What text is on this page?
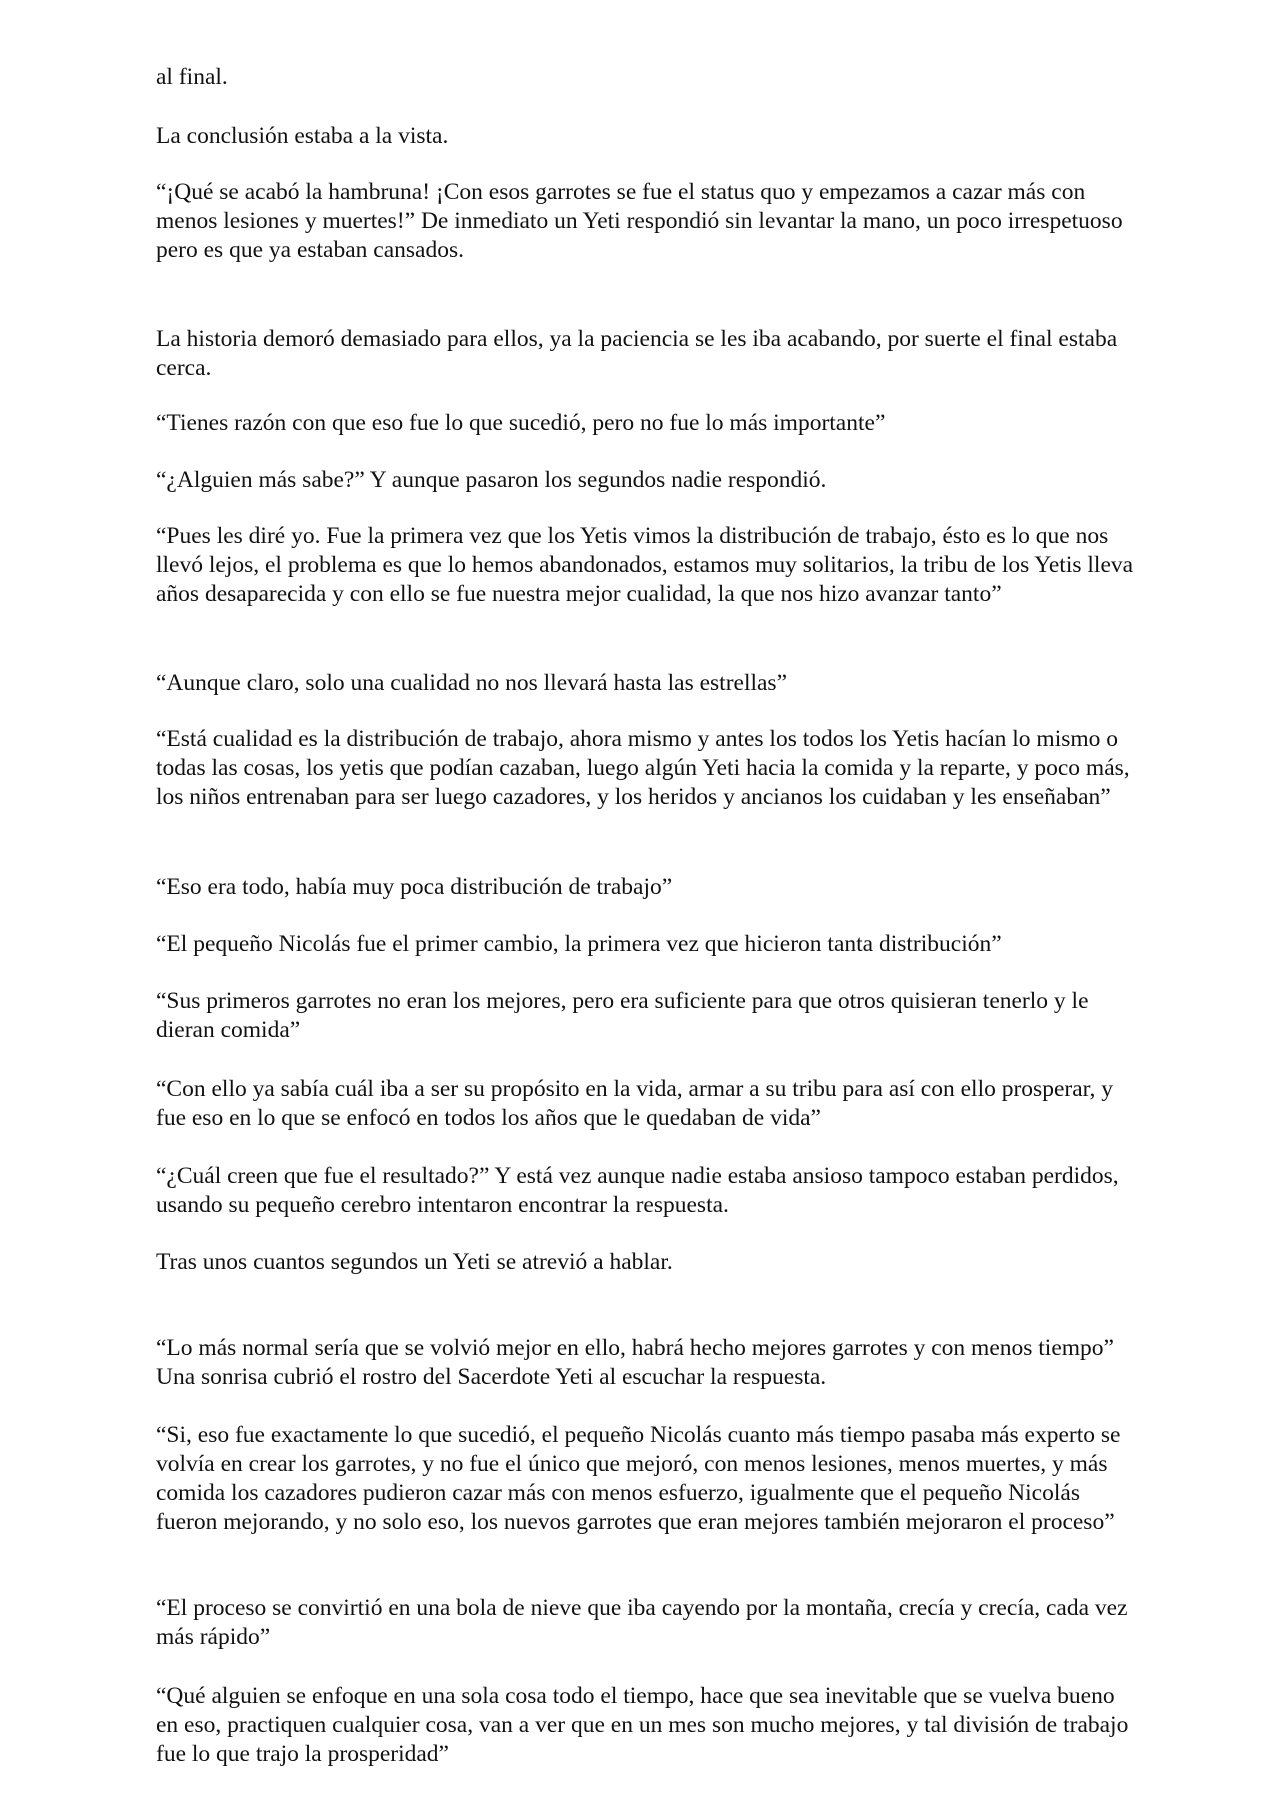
al final.

La conclusión estaba a la vista.

“¡Qué se acabó la hambruna! ¡Con esos garrotes se fue el status quo y empezamos a cazar más con menos lesiones y muertes!” De inmediato un Yeti respondió sin levantar la mano, un poco irrespetuoso pero es que ya estaban cansados.

La historia demoró demasiado para ellos, ya la paciencia se les iba acabando, por suerte el final estaba cerca.

“Tienes razón con que eso fue lo que sucedió, pero no fue lo más importante”

“¿Alguien más sabe?” Y aunque pasaron los segundos nadie respondió.

“Pues les diré yo. Fue la primera vez que los Yetis vimos la distribución de trabajo, ésto es lo que nos llevó lejos, el problema es que lo hemos abandonados, estamos muy solitarios, la tribu de los Yetis lleva años desaparecida y con ello se fue nuestra mejor cualidad, la que nos hizo avanzar tanto”

“Aunque claro, solo una cualidad no nos llevará hasta las estrellas”

“Está cualidad es la distribución de trabajo, ahora mismo y antes los todos los Yetis hacían lo mismo o todas las cosas, los yetis que podían cazaban, luego algún Yeti hacia la comida y la reparte, y poco más, los niños entrenaban para ser luego cazadores, y los heridos y ancianos los cuidaban y les enseñaban”

“Eso era todo, había muy poca distribución de trabajo”

“El pequeño Nicolás fue el primer cambio, la primera vez que hicieron tanta distribución”

“Sus primeros garrotes no eran los mejores, pero era suficiente para que otros quisieran tenerlo y le dieran comida”

“Con ello ya sabía cuál iba a ser su propósito en la vida, armar a su tribu para así con ello prosperar, y fue eso en lo que se enfocó en todos los años que le quedaban de vida”

“¿Cuál creen que fue el resultado?” Y está vez aunque nadie estaba ansioso tampoco estaban perdidos, usando su pequeño cerebro intentaron encontrar la respuesta.

Tras unos cuantos segundos un Yeti se atrevió a hablar.

“Lo más normal sería que se volvió mejor en ello, habrá hecho mejores garrotes y con menos tiempo” Una sonrisa cubrió el rostro del Sacerdote Yeti al escuchar la respuesta.

“Si, eso fue exactamente lo que sucedió, el pequeño Nicolás cuanto más tiempo pasaba más experto se volvía en crear los garrotes, y no fue el único que mejoró, con menos lesiones, menos muertes, y más comida los cazadores pudieron cazar más con menos esfuerzo, igualmente que el pequeño Nicolás fueron mejorando, y no solo eso, los nuevos garrotes que eran mejores también mejoraron el proceso”

“El proceso se convirtió en una bola de nieve que iba cayendo por la montaña, crecía y crecía, cada vez más rápido”

“Qué alguien se enfoque en una sola cosa todo el tiempo, hace que sea inevitable que se vuelva bueno en eso, practiquen cualquier cosa, van a ver que en un mes son mucho mejores, y tal división de trabajo fue lo que trajo la prosperidad”
